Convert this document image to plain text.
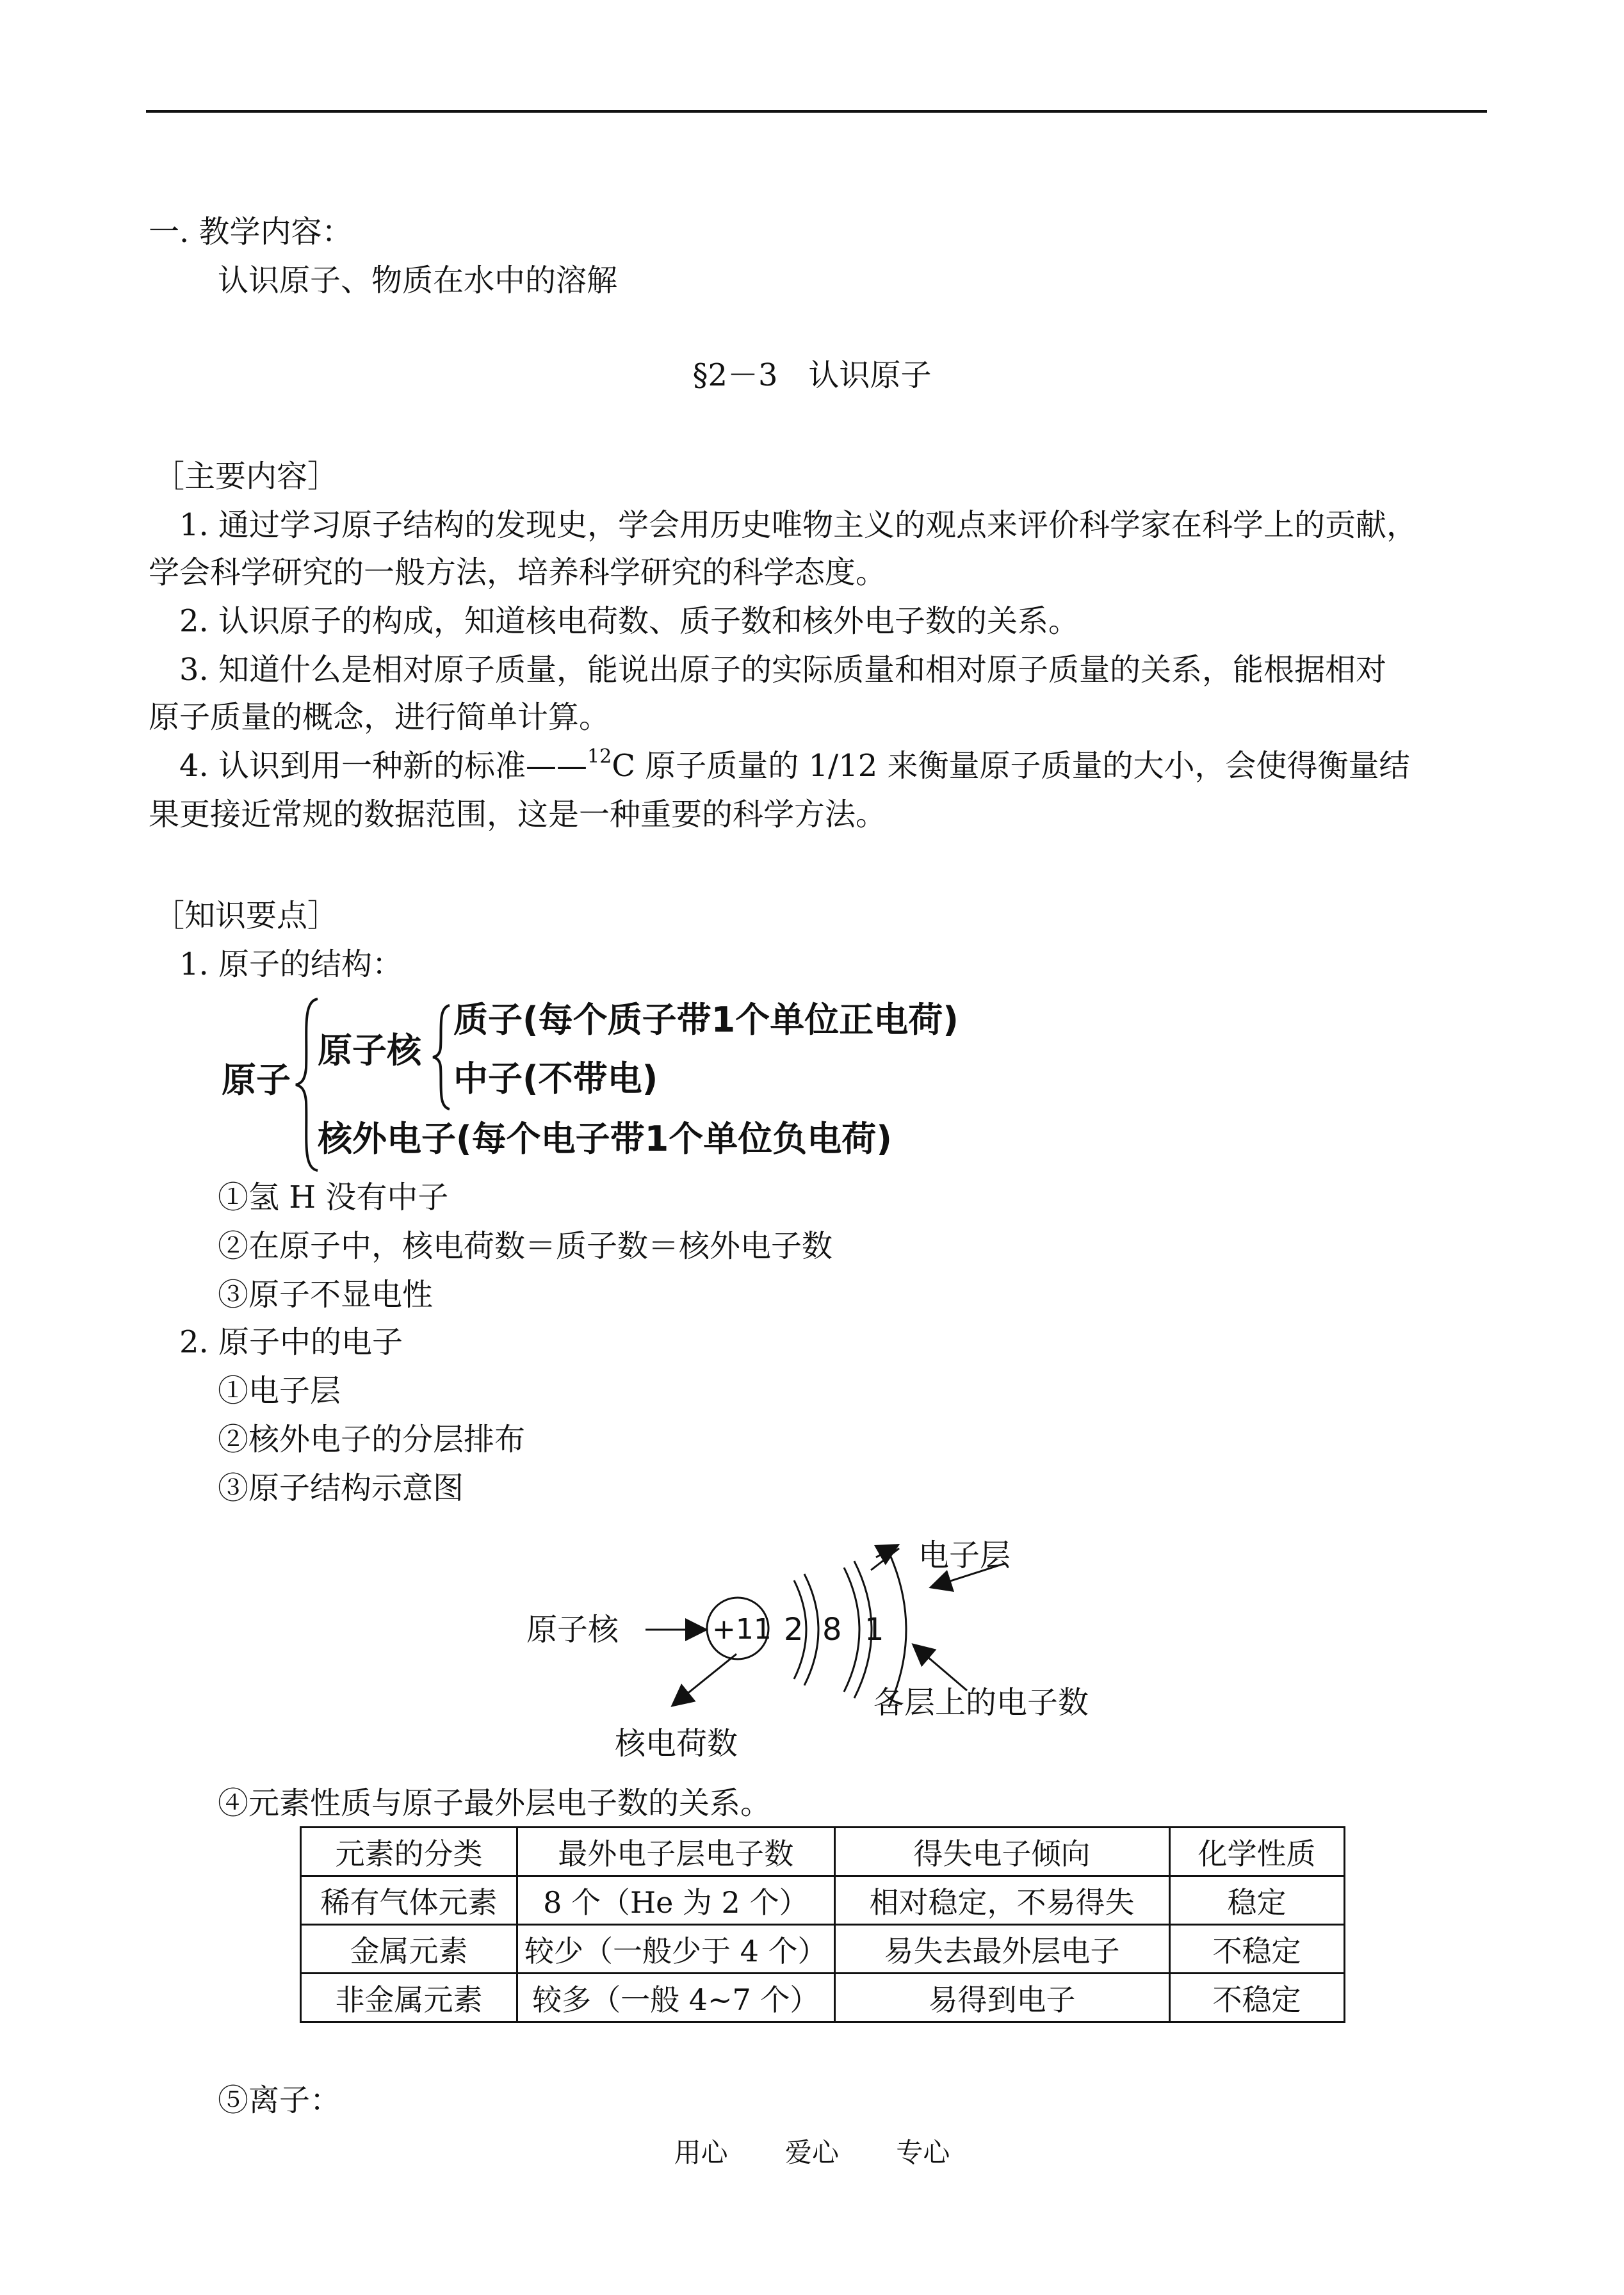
一. 教学内容：
认识原子、物质在水中的溶解
§2－3　认识原子
［主要内容］
1. 通过学习原子结构的发现史，学会用历史唯物主义的观点来评价科学家在科学上的贡献，
学会科学研究的一般方法，培养科学研究的科学态度。
2. 认识原子的构成，知道核电荷数、质子数和核外电子数的关系。
3. 知道什么是相对原子质量，能说出原子的实际质量和相对原子质量的关系，能根据相对
原子质量的概念，进行简单计算。
4. 认识到用一种新的标准——$^{12}$C 原子质量的 1/12 来衡量原子质量的大小，会使得衡量结
果更接近常规的数据范围，这是一种重要的科学方法。
［知识要点］
1. 原子的结构：
原子
原子核
质子(每个质子带1个单位正电荷)
中子(不带电)
核外电子(每个电子带1个单位负电荷)
①氢 H 没有中子
②在原子中，核电荷数＝质子数＝核外电子数
③原子不显电性
2. 原子中的电子
①电子层
②核外电子的分层排布
③原子结构示意图
原子核	+11 2 8 1
电子层
各层上的电子数
核电荷数
④元素性质与原子最外层电子数的关系。
元素的分类	最外电子层电子数	得失电子倾向	化学性质
稀有气体元素	8 个（He 为 2 个）	相对稳定，不易得失	稳定
金属元素	较少（一般少于 4 个）	易失去最外层电子	不稳定
非金属元素	较多（一般 4~7 个）	易得到电子	不稳定
⑤离子：
用心 爱心 专心
